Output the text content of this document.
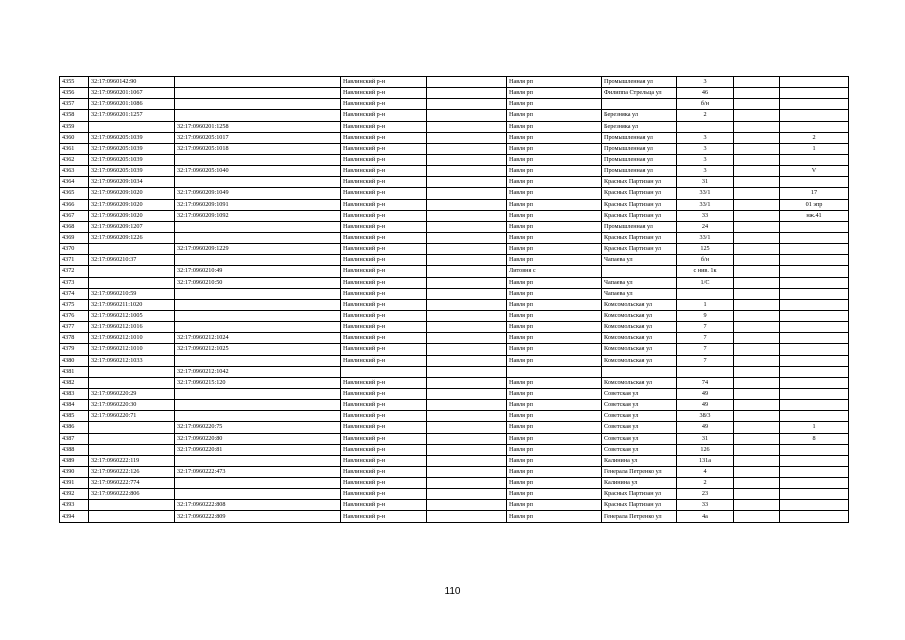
4355	32:17:0960142:90		Навлинский р-н		Навля рп	Промышленная ул	3		
4356	32:17:0960201:1067		Навлинский р-н		Навля рп	Филиппа Стрельца ул	46		
4357	32:17:0960201:1086		Навлинский р-н		Навля рп		б/н		
4358	32:17:0960201:1257		Навлинский р-н		Навля рп	Березняка ул	2		
4359		32:17:0960201:1258	Навлинский р-н		Навля рп	Березняка ул			
4360	32:17:0960205:1039	32:17:0960205:1017	Навлинский р-н		Навля рп	Промышленная ул	3		2
4361	32:17:0960205:1039	32:17:0960205:1018	Навлинский р-н		Навля рп	Промышленная ул	3		1
4362	32:17:0960205:1039		Навлинский р-н		Навля рп	Промышленная ул	3		
4363	32:17:0960205:1039	32:17:0960205:1040	Навлинский р-н		Навля рп	Промышленная ул	3		V
4364	32:17:0960209:1034		Навлинский р-н		Навля рп	Красных Партизан ул	31		
4365	32:17:0960209:1020	32:17:0960209:1049	Навлинский р-н		Навля рп	Красных Партизан ул	33/1		17
4366	32:17:0960209:1020	32:17:0960209:1091	Навлинский р-н		Навля рп	Красных Партизан ул	33/1		01 эпр
4367	32:17:0960209:1020	32:17:0960209:1092	Навлинский р-н		Навля рп	Красных Партизан ул	33		нж.41
4368	32:17:0960209:1207		Навлинский р-н		Навля рп	Промышленная ул	24		
4369	32:17:0960209:1226		Навлинский р-н		Навля рп	Красных Партизан ул	33/1		
4370		32:17:0960209:1229	Навлинский р-н		Навля рп	Красных Партизан ул	125		
4371	32:17:0960210:37		Навлинский р-н		Навля рп	Чапаева ул	б/н		
4372		32:17:0960210:49	Навлинский р-н		Литовня с		с нив. 1к		
4373		32:17:0960210:50	Навлинский р-н		Навля рп	Чапаева ул	1/С		
4374	32:17:0960210:59		Навлинский р-н		Навля рп	Чапаева ул			
4375	32:17:0960211:1020		Навлинский р-н		Навля рп	Комсомольская ул	1		
4376	32:17:0960212:1005		Навлинский р-н		Навля рп	Комсомольская ул	9		
4377	32:17:0960212:1016		Навлинский р-н		Навля рп	Комсомольская ул	7		
4378	32:17:0960212:1010	32:17:0960212:1024	Навлинский р-н		Навля рп	Комсомольская ул	7		
4379	32:17:0960212:1010	32:17:0960212:1025	Навлинский р-н		Навля рп	Комсомольская ул	7		
4380	32:17:0960212:1033		Навлинский р-н		Навля рп	Комсомольская ул	7		
4381		32:17:0960212:1042							
4382		32:17:0960215:120	Навлинский р-н		Навля рп	Комсомольская ул	74		
4383	32:17:0960220:29		Навлинский р-н		Навля рп	Советская ул	49		
4384	32:17:0960220:30		Навлинский р-н		Навля рп	Советская ул	49		
4385	32:17:0960220:71		Навлинский р-н		Навля рп	Советская ул	38/3		
4386		32:17:0960220:75	Навлинский р-н		Навля рп	Советская ул	49		1
4387		32:17:0960220:80	Навлинский р-н		Навля рп	Советская ул	31		8
4388		32:17:0960220:81	Навлинский р-н		Навля рп	Советская ул	126		
4389	32:17:0960222:119		Навлинский р-н		Навля рп	Калинина ул	131а		
4390	32:17:0960222:126	32:17:0960222:473	Навлинский р-н		Навля рп	Генерала Петренко ул	4		
4391	32:17:0960222:774		Навлинский р-н		Навля рп	Калинина ул	2		
4392	32:17:0960222:806		Навлинский р-н		Навля рп	Красных Партизан ул	23		
4393		32:17:0960222:808	Навлинский р-н		Навля рп	Красных Партизан ул	33		
4394		32:17:0960222:809	Навлинский р-н		Навля рп	Генерала Петренко ул	4а		
110
